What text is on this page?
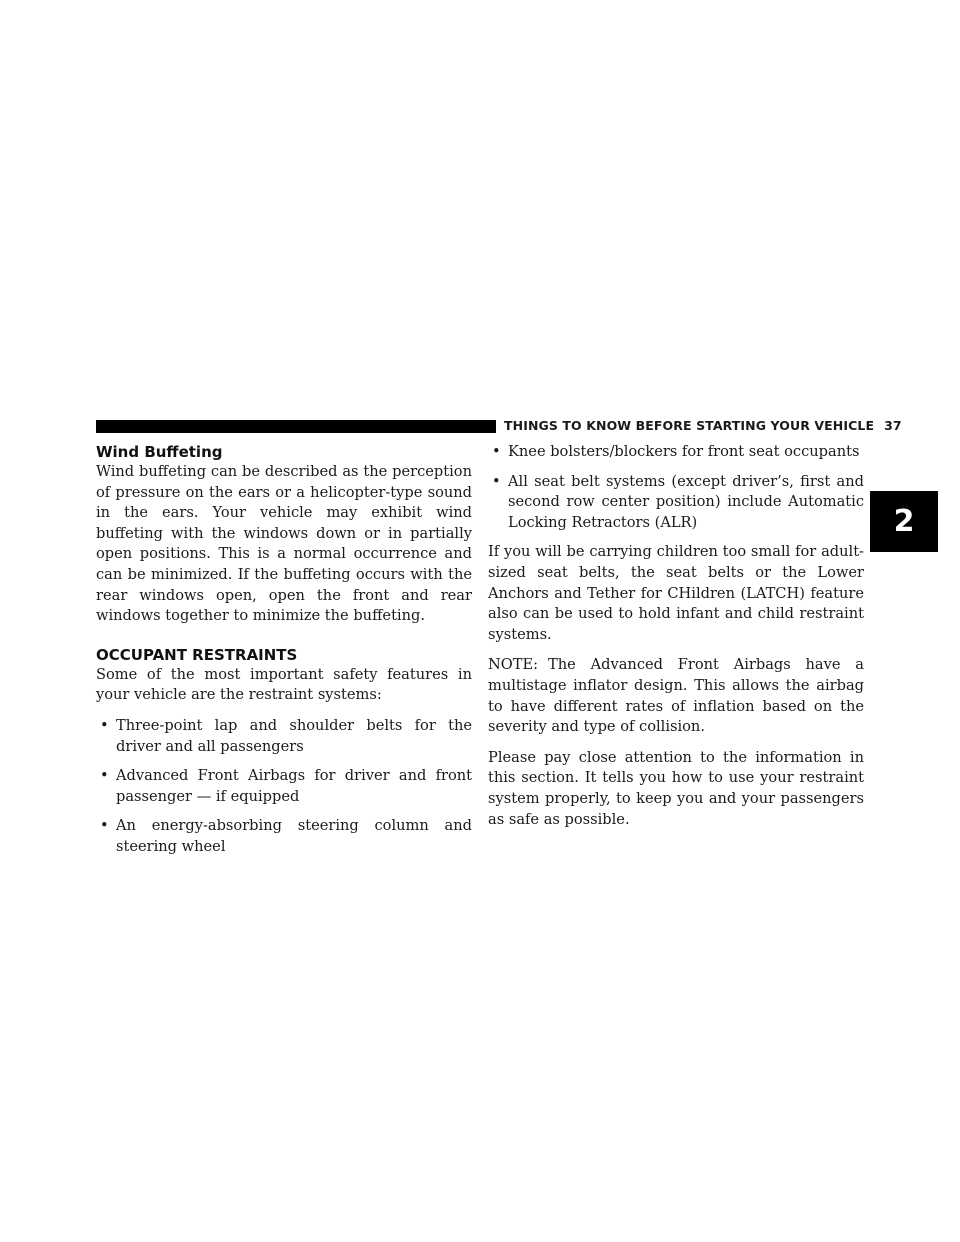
THINGS TO KNOW BEFORE STARTING YOUR VEHICLE 37
2
Wind Buffeting

Wind buffeting can be described as the perception of pressure on the ears or a helicopter-type sound in the ears. Your vehicle may exhibit wind buffeting with the windows down or in partially open positions. This is a normal occurrence and can be minimized. If the buffeting occurs with the rear windows open, open the front and rear windows together to minimize the buffeting.

OCCUPANT RESTRAINTS

Some of the most important safety features in your vehicle are the restraint systems:

• Three-point lap and shoulder belts for the driver and all passengers
• Advanced Front Airbags for driver and front passenger — if equipped
• An energy-absorbing steering column and steering wheel
• Knee bolsters/blockers for front seat occupants
• All seat belt systems (except driver’s, first and second row center position) include Automatic Locking Retractors (ALR)

If you will be carrying children too small for adult-sized seat belts, the seat belts or the Lower Anchors and Tether for CHildren (LATCH) feature also can be used to hold infant and child restraint systems.

NOTE: The Advanced Front Airbags have a multistage inflator design. This allows the airbag to have different rates of inflation based on the severity and type of collision.

Please pay close attention to the information in this section. It tells you how to use your restraint system properly, to keep you and your passengers as safe as possible.
